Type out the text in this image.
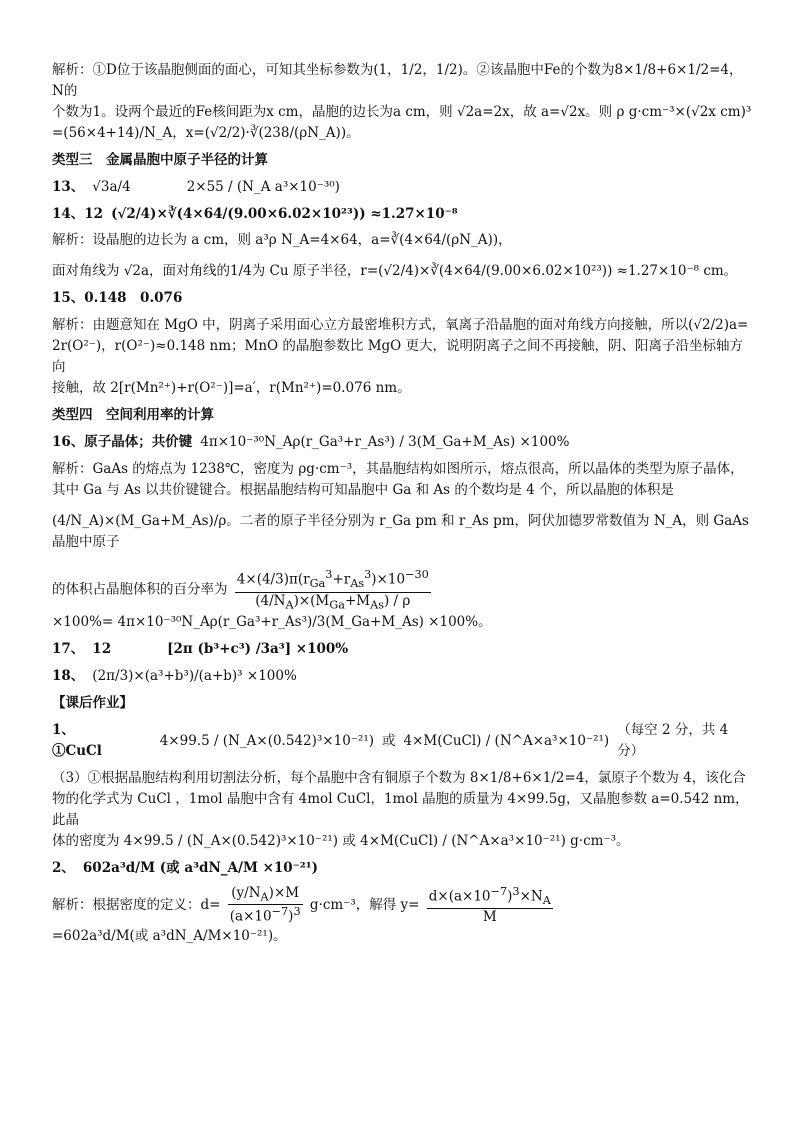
解析：①D位于该晶胞侧面的面心，可知其坐标参数为(1，1/2，1/2)。②该晶胞中Fe的个数为8×1/8+6×1/2=4，N的

个数为1。设两个最近的Fe核间距为x cm，晶胞的边长为a cm，则 √2a=2x，故 a=√2x。则 ρ g·cm⁻³×(√2x cm)³

=(56×4+14)/N_A，x=(√2/2)·∛(238/(ρN_A))。

类型三　金属晶胞中原子半径的计算

13、 √3a/4	2×55 / (N_A a³×10⁻³⁰)
14、12 (√2/4)×∛(4×64/(9.00×6.02×10²³)) ≈1.27×10⁻⁸

解析：设晶胞的边长为 a cm，则 a³ρ N_A=4×64，a=∛(4×64/(ρN_A))，

面对角线为 √2a，面对角线的1/4为 Cu 原子半径，r=(√2/4)×∛(4×64/(9.00×6.02×10²³)) ≈1.27×10⁻⁸ cm。

15、0.148　0.076

解析：由题意知在 MgO 中，阴离子采用面心立方最密堆积方式，氧离子沿晶胞的面对角线方向接触，所以(√2/2)a=

2r(O²⁻)，r(O²⁻)≈0.148 nm；MnO 的晶胞参数比 MgO 更大，说明阴离子之间不再接触，阴、阳离子沿坐标轴方向

接触，故 2[r(Mn²⁺)+r(O²⁻)]=a′，r(Mn²⁺)=0.076 nm。

类型四　空间利用率的计算

16、原子晶体；共价键 4π×10⁻³⁰N_Aρ(r_Ga³+r_As³) / 3(M_Ga+M_As) ×100%

解析：GaAs 的熔点为 1238℃，密度为 ρg·cm⁻³，其晶胞结构如图所示，熔点很高，所以晶体的类型为原子晶体，

其中 Ga 与 As 以共价键键合。根据晶胞结构可知晶胞中 Ga 和 As 的个数均是 4 个，所以晶胞的体积是

(4/N_A)×(M_Ga+M_As)/ρ。二者的原子半径分别为 r_Ga pm 和 r_As pm，阿伏加德罗常数值为 N_A，则 GaAs 晶胞中原子

的体积占晶胞体积的百分率为 $\frac{4\times(4/3)\pi(r_{Ga}^3+r_{As}^3)\times 10^{-30}}{(4/N_A)\times(M_{Ga}+M_{As}) / \rho}$
×100%= 4π×10⁻³⁰N_Aρ(r_Ga³+r_As³)/3(M_Ga+M_As) ×100%。

17、 12	[2π (b³+c³) /3a³] ×100%
18、 (2π/3)×(a³+b³)/(a+b)³ ×100%

【课后作业】

1、①CuCl
4×99.5 / (N_A×(0.542)³×10⁻²¹) 或 4×M(CuCl) / (N^A×a³×10⁻²¹)
（每空 2 分，共 4 分）

（3）①根据晶胞结构利用切割法分析，每个晶胞中含有铜原子个数为 8×1/8+6×1/2=4，氯原子个数为 4，该化合

物的化学式为 CuCl ，1mol 晶胞中含有 4mol CuCl，1mol 晶胞的质量为 4×99.5g，又晶胞参数 a=0.542 nm，此晶

体的密度为 4×99.5 / (N_A×(0.542)³×10⁻²¹) 或 4×M(CuCl) / (N^A×a³×10⁻²¹) g·cm⁻³。

2、 602a³d/M (或 a³dN_A/M ×10⁻²¹)

解析：根据密度的定义：$d= \frac{(y/N_A)\times M}{(a\times 10^{-7})^3} g\cdot cm^{-3}$，解得 $y= \frac{d\times(a\times 10^{-7})^3\times N_A}{M}$
=602a³d/M(或 a³dN_A/M×10⁻²¹)。
